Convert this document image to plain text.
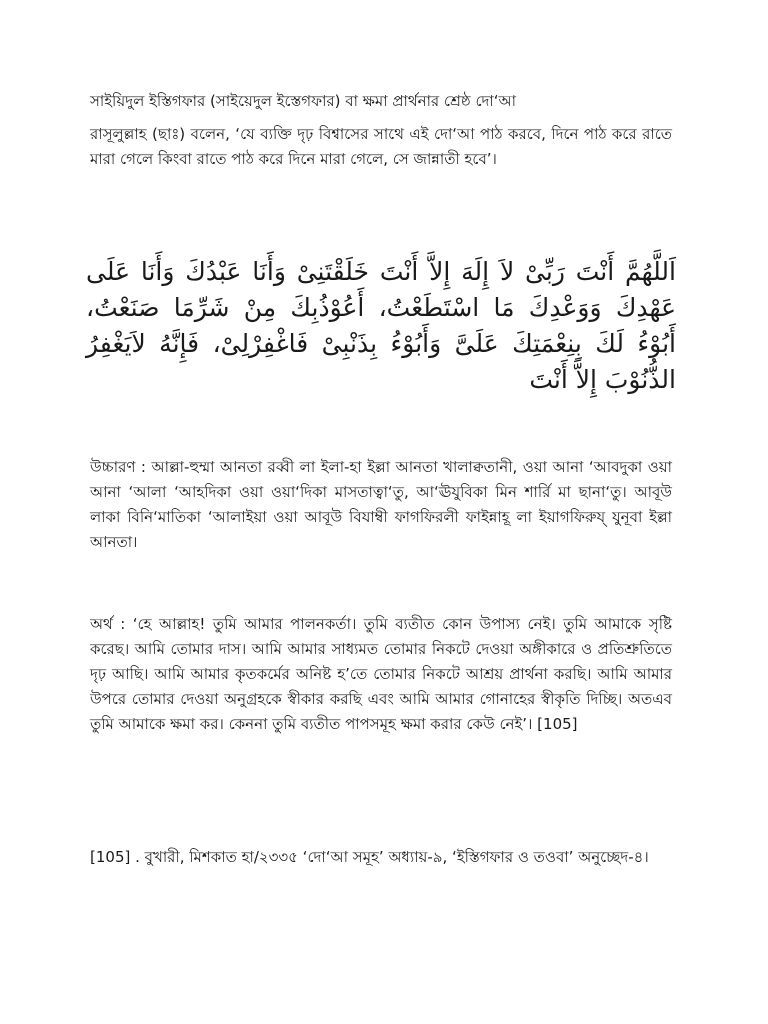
সাইয়িদুল ইস্তিগফার (সাইয়েদুল ইস্তেগফার) বা ক্ষমা প্রার্থনার শ্রেষ্ঠ দো‘আ

রাসূলুল্লাহ (ছাঃ) বলেন, ‘যে ব্যক্তি দৃঢ় বিশ্বাসের সাথে এই দো‘আ পাঠ করবে, দিনে পাঠ করে রাতে মারা গেলে কিংবা রাতে পাঠ করে দিনে মারা গেলে, সে জান্নাতী হবে’।

اَللَّهُمَّ أَنْتَ رَبِّىْ لاَ إِلَهَ إِلاَّ أَنْتَ خَلَقْتَنِىْ وَأَنَا عَبْدُكَ وَأَنَا عَلَى عَهْدِكَ وَوَعْدِكَ مَا اسْتَطَعْتُ، أَعُوْذُبِكَ مِنْ شَرِّمَا صَنَعْتُ، أَبُوْءُ لَكَ بِنِعْمَتِكَ عَلَىَّ وَأَبُوْءُ بِذَنْبِىْ فَاغْفِرْلِىْ، فَإِنَّهُ لاَيَغْفِرُ الذُّنُوْبَ إِلاَّ أَنْتَ

উচ্চারণ : আল্লা-হুম্মা আনতা রব্বী লা ইলা-হা ইল্লা আনতা খালাক্বতানী, ওয়া আনা ‘আবদুকা ওয়া আনা ‘আলা ‘আহদিকা ওয়া ওয়া‘দিকা মাসতাত্বা‘তু, আ‘ঊযুবিকা মিন শার্রি মা ছানা‘তু। আবূউ লাকা বিনি‘মাতিকা ‘আলাইয়া ওয়া আবূউ বিযাম্বী ফাগফিরলী ফাইন্নাহূ লা ইয়াগফিরুয্ যুনূবা ইল্লা আনতা।

অর্থ : ‘হে আল্লাহ! তুমি আমার পালনকর্তা। তুমি ব্যতীত কোন উপাস্য নেই। তুমি আমাকে সৃষ্টি করেছ। আমি তোমার দাস। আমি আমার সাধ্যমত তোমার নিকটে দেওয়া অঙ্গীকারে ও প্রতিশ্রুতিতে দৃঢ় আছি। আমি আমার কৃতকর্মের অনিষ্ট হ’তে তোমার নিকটে আশ্রয় প্রার্থনা করছি। আমি আমার উপরে তোমার দেওয়া অনুগ্রহকে স্বীকার করছি এবং আমি আমার গোনাহের স্বীকৃতি দিচ্ছি। অতএব তুমি আমাকে ক্ষমা কর। কেননা তুমি ব্যতীত পাপসমূহ ক্ষমা করার কেউ নেই’। [105]

[105] . বুখারী, মিশকাত হা/২৩৩৫ ‘দো‘আ সমূহ’ অধ্যায়-৯, ‘ইস্তিগফার ও তওবা’ অনুচ্ছেদ-৪।
